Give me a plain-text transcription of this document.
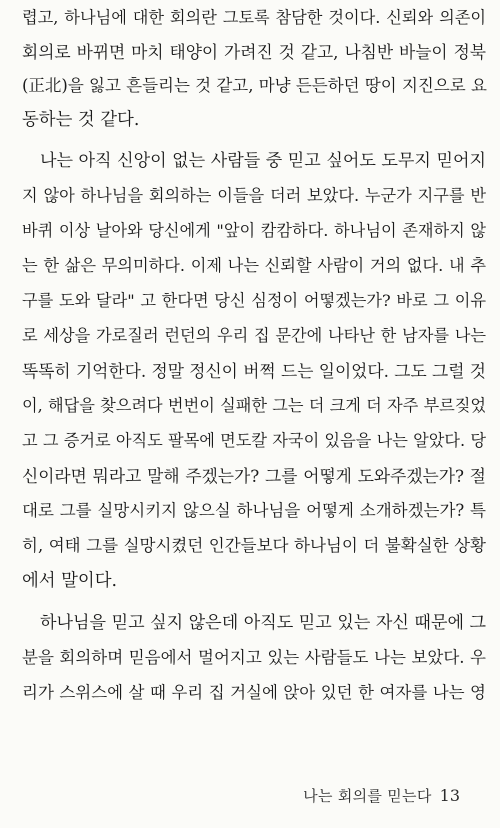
렵고, 하나님에 대한 회의란 그토록 참담한 것이다. 신뢰와 의존이
회의로 바뀌면 마치 태양이 가려진 것 같고, 나침반 바늘이 정북
(正北)을 잃고 흔들리는 것 같고, 마냥 든든하던 땅이 지진으로 요
동하는 것 같다.
나는 아직 신앙이 없는 사람들 중 믿고 싶어도 도무지 믿어지
지 않아 하나님을 회의하는 이들을 더러 보았다. 누군가 지구를 반
바퀴 이상 날아와 당신에게 "앞이 캄캄하다. 하나님이 존재하지 않
는 한 삶은 무의미하다. 이제 나는 신뢰할 사람이 거의 없다. 내 추
구를 도와 달라" 고 한다면 당신 심정이 어떻겠는가? 바로 그 이유
로 세상을 가로질러 런던의 우리 집 문간에 나타난 한 남자를 나는
똑똑히 기억한다. 정말 정신이 버쩍 드는 일이었다. 그도 그럴 것
이, 해답을 찾으려다 번번이 실패한 그는 더 크게 더 자주 부르짖었
고 그 증거로 아직도 팔목에 면도칼 자국이 있음을 나는 알았다. 당
신이라면 뭐라고 말해 주겠는가? 그를 어떻게 도와주겠는가? 절
대로 그를 실망시키지 않으실 하나님을 어떻게 소개하겠는가? 특
히, 여태 그를 실망시켰던 인간들보다 하나님이 더 불확실한 상황
에서 말이다.
하나님을 믿고 싶지 않은데 아직도 믿고 있는 자신 때문에 그
분을 회의하며 믿음에서 멀어지고 있는 사람들도 나는 보았다. 우
리가 스위스에 살 때 우리 집 거실에 앉아 있던 한 여자를 나는 영
나는 회의를 믿는다 13
